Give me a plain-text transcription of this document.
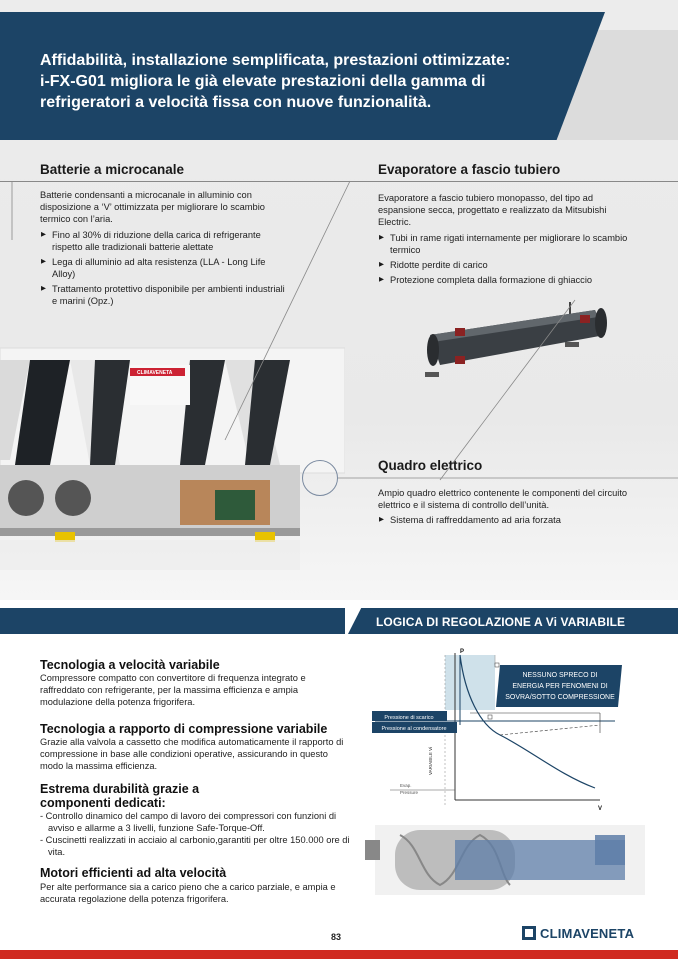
Affidabilità, installazione semplificata, prestazioni ottimizzate:
i-FX-G01 migliora le già elevate prestazioni della gamma di
refrigeratori a velocità fissa con nuove funzionalità.
Batterie a microcanale
Batterie condensanti a microcanale in alluminio con disposizione a ‘V’ ottimizzata per migliorare lo scambio termico con l’aria.
▶ Fino al 30% di riduzione della carica di refrigerante rispetto alle tradizionali batterie alettate
▶ Lega di alluminio ad alta resistenza (LLA - Long Life Alloy)
▶ Trattamento protettivo disponibile per ambienti industriali e marini (Opz.)
Evaporatore a fascio tubiero
Evaporatore a fascio tubiero monopasso, del tipo ad espansione secca, progettato e realizzato da Mitsubishi Electric.
▶ Tubi in rame rigati internamente per migliorare lo scambio termico
▶ Ridotte perdite di carico
▶ Protezione completa dalla formazione di ghiaccio
CLIMAVENETA
Quadro elettrico
Ampio quadro elettrico contenente le componenti del circuito elettrico e il sistema di controllo dell’unità.
▶ Sistema di raffreddamento ad aria forzata
LOGICA DI REGOLAZIONE A Vi VARIABILE
Tecnologia a velocità variabile
Compressore compatto con convertitore di frequenza integrato e raffreddato con refrigerante, per la massima efficienza e ampia modulazione della potenza frigorifera.
Tecnologia a rapporto di compressione variabile
Grazie alla valvola a cassetto che modifica automaticamente il rapporto di compressione in base alle condizioni operative, assicurando in questo modo la massima efficienza.
Estrema durabilità grazie a
componenti dedicati:
- Controllo dinamico del campo di lavoro dei compressori con funzioni di avviso e allarme a 3 livelli, funzione Safe-Torque-Off.
- Cuscinetti realizzati in acciaio al carbonio,garantiti per oltre 150.000 ore di vita.
Motori efficienti ad alta velocità
Per alte performance sia a carico pieno che a carico parziale, e ampia e accurata regolazione della potenza frigorifera.
P
V
NESSUNO SPRECO DI
ENERGIA PER FENOMENI DI
SOVRA/SOTTO COMPRESSIONE
Pressione di scarico
=
Pressione al condensatore
VARIABILE Vi
Evap.
Pressure
83	CLIMAVENETA
